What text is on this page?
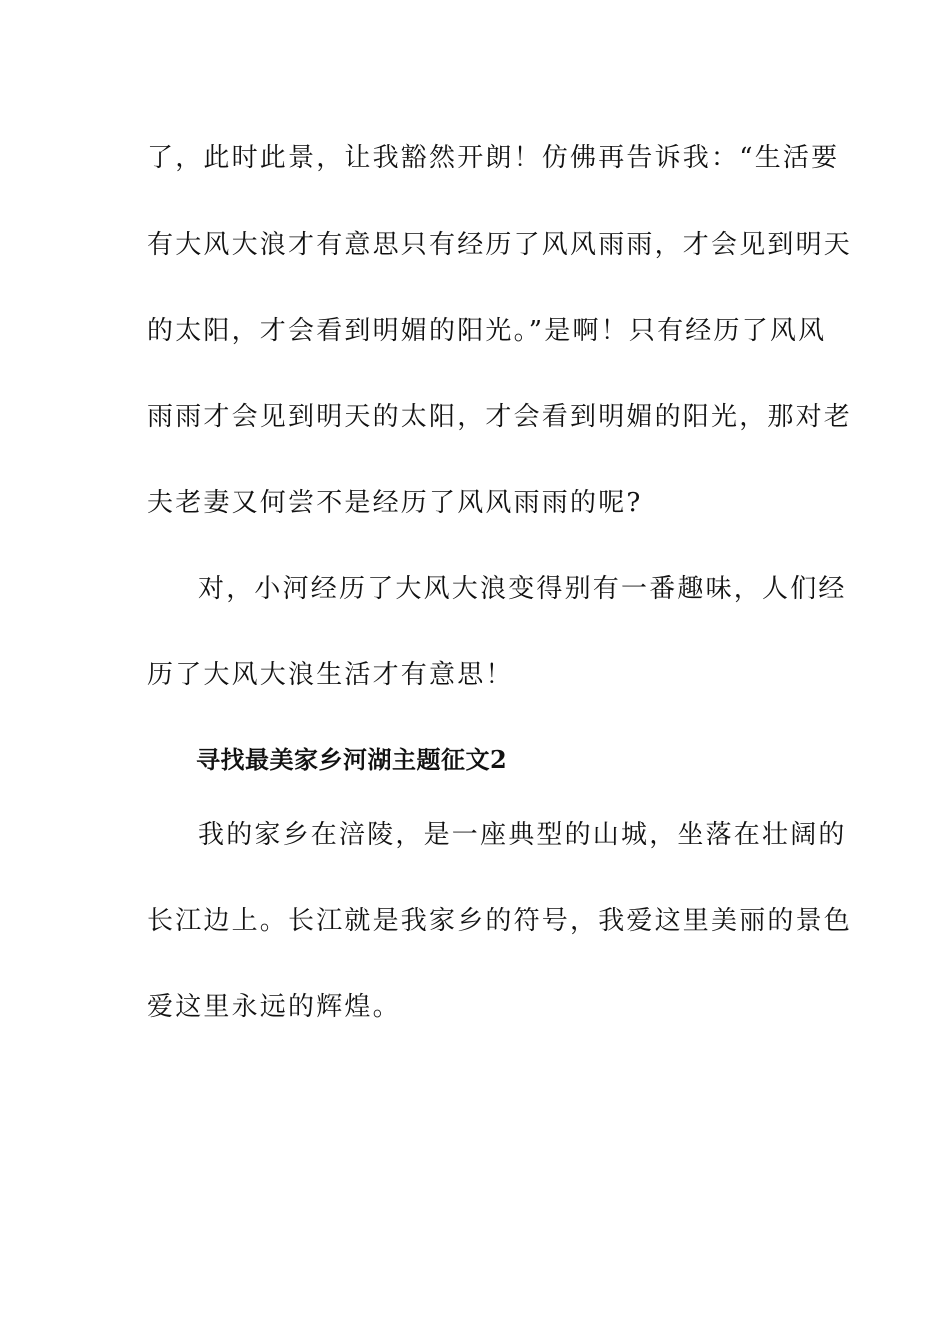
了，此时此景，让我豁然开朗！仿佛再告诉我：“生活要
有大风大浪才有意思只有经历了风风雨雨，才会见到明天
的太阳，才会看到明媚的阳光。”是啊！只有经历了风风
雨雨才会见到明天的太阳，才会看到明媚的阳光，那对老
夫老妻又何尝不是经历了风风雨雨的呢?
对，小河经历了大风大浪变得别有一番趣味，人们经
历了大风大浪生活才有意思！
寻找最美家乡河湖主题征文2
我的家乡在涪陵，是一座典型的山城，坐落在壮阔的
长江边上。长江就是我家乡的符号，我爱这里美丽的景色
爱这里永远的辉煌。
